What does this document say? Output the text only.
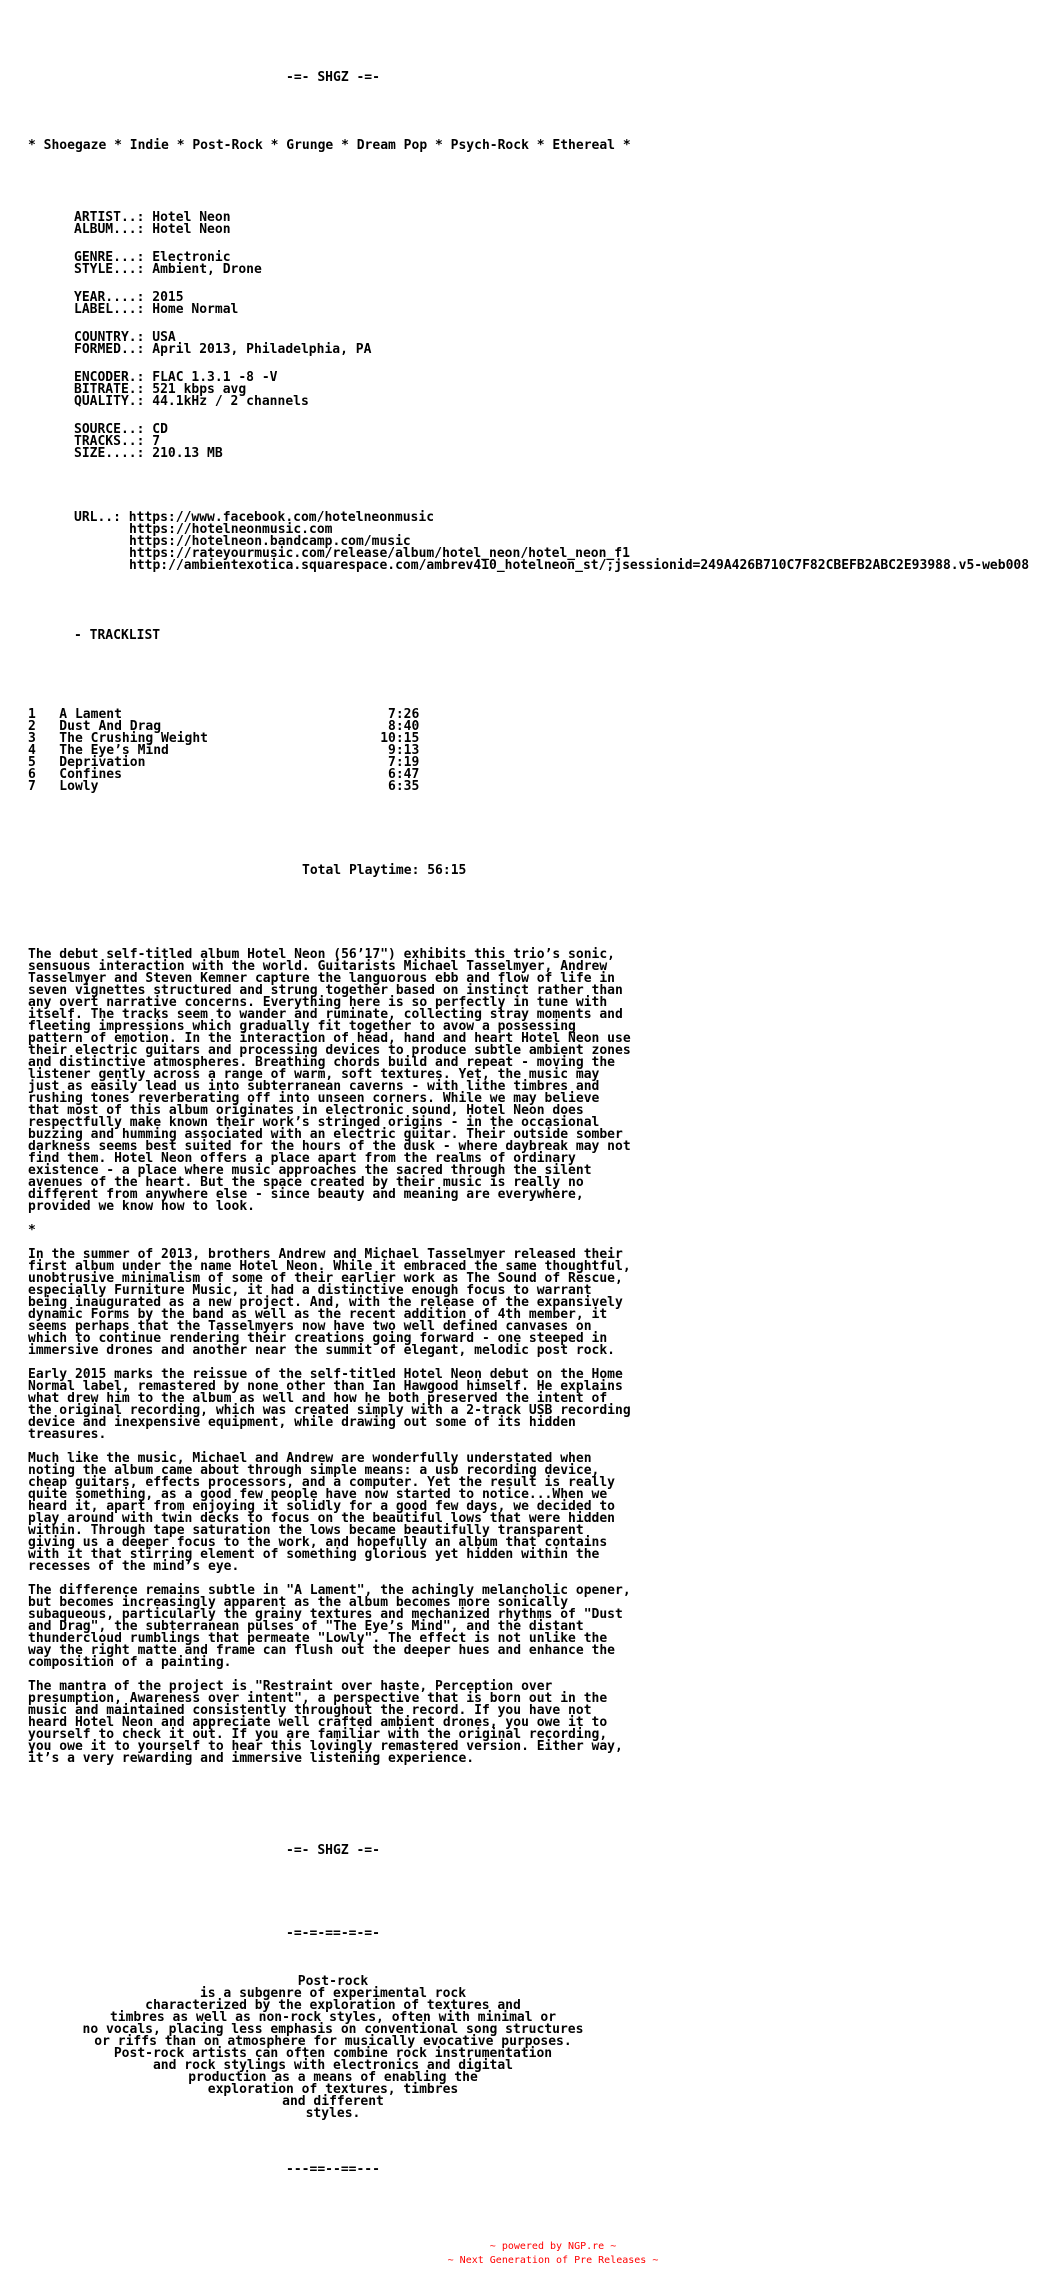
-=- SHGZ -=-

* Shoegaze * Indie * Post-Rock * Grunge * Dream Pop * Psych-Rock * Ethereal *

ARTIST..: Hotel Neon
ALBUM...: Hotel Neon
GENRE...: Electronic
STYLE...: Ambient, Drone
YEAR....: 2015
LABEL...: Home Normal
COUNTRY.: USA
FORMED..: April 2013, Philadelphia, PA
ENCODER.: FLAC 1.3.1 -8 -V
BITRATE.: 521 kbps avg
QUALITY.: 44.1kHz / 2 channels
SOURCE..: CD
TRACKS..: 7
SIZE....: 210.13 MB

URL..: https://www.facebook.com/hotelneonmusic
https://hotelneonmusic.com
https://hotelneon.bandcamp.com/music
https://rateyourmusic.com/release/album/hotel_neon/hotel_neon_f1
http://ambientexotica.squarespace.com/ambrev410_hotelneon_st/;jsessionid=249A426B710C7F82CBEFB2ABC2E93988.v5-web008

- TRACKLIST

1   A Lament                                  7:26
2   Dust And Drag                             8:40
3   The Crushing Weight                      10:15
4   The Eye’s Mind                            9:13
5   Deprivation                               7:19
6   Confines                                  6:47
7   Lowly                                     6:35

Total Playtime: 56:15

The debut self-titled album Hotel Neon (56’17") exhibits this trio’s sonic,
sensuous interaction with the world. Guitarists Michael Tasselmyer, Andrew
Tasselmyer and Steven Kemner capture the languorous ebb and flow of life in
seven vignettes structured and strung together based on instinct rather than
any overt narrative concerns. Everything here is so perfectly in tune with
itself. The tracks seem to wander and ruminate, collecting stray moments and
fleeting impressions which gradually fit together to avow a possessing
pattern of emotion. In the interaction of head, hand and heart Hotel Neon use
their electric guitars and processing devices to produce subtle ambient zones
and distinctive atmospheres. Breathing chords build and repeat - moving the
listener gently across a range of warm, soft textures. Yet, the music may
just as easily lead us into subterranean caverns - with lithe timbres and
rushing tones reverberating off into unseen corners. While we may believe
that most of this album originates in electronic sound, Hotel Neon does
respectfully make known their work’s stringed origins - in the occasional
buzzing and humming associated with an electric guitar. Their outside somber
darkness seems best suited for the hours of the dusk - where daybreak may not
find them. Hotel Neon offers a place apart from the realms of ordinary
existence - a place where music approaches the sacred through the silent
avenues of the heart. But the space created by their music is really no
different from anywhere else - since beauty and meaning are everywhere,
provided we know how to look.
*
In the summer of 2013, brothers Andrew and Michael Tasselmyer released their
first album under the name Hotel Neon. While it embraced the same thoughtful,
unobtrusive minimalism of some of their earlier work as The Sound of Rescue,
especially Furniture Music, it had a distinctive enough focus to warrant
being inaugurated as a new project. And, with the release of the expansively
dynamic Forms by the band as well as the recent addition of 4th member, it
seems perhaps that the Tasselmyers now have two well defined canvases on
which to continue rendering their creations going forward - one steeped in
immersive drones and another near the summit of elegant, melodic post rock.
Early 2015 marks the reissue of the self-titled Hotel Neon debut on the Home
Normal label, remastered by none other than Ian Hawgood himself. He explains
what drew him to the album as well and how he both preserved the intent of
the original recording, which was created simply with a 2-track USB recording
device and inexpensive equipment, while drawing out some of its hidden
treasures.
Much like the music, Michael and Andrew are wonderfully understated when
noting the album came about through simple means: a usb recording device,
cheap guitars, effects processors, and a computer. Yet the result is really
quite something, as a good few people have now started to notice...When we
heard it, apart from enjoying it solidly for a good few days, we decided to
play around with twin decks to focus on the beautiful lows that were hidden
within. Through tape saturation the lows became beautifully transparent
giving us a deeper focus to the work, and hopefully an album that contains
with it that stirring element of something glorious yet hidden within the
recesses of the mind’s eye.
The difference remains subtle in "A Lament", the achingly melancholic opener,
but becomes increasingly apparent as the album becomes more sonically
subaqueous, particularly the grainy textures and mechanized rhythms of "Dust
and Drag", the subterranean pulses of "The Eye’s Mind", and the distant
thundercloud rumblings that permeate "Lowly". The effect is not unlike the
way the right matte and frame can flush out the deeper hues and enhance the
composition of a painting.
The mantra of the project is "Restraint over haste, Perception over
presumption, Awareness over intent", a perspective that is born out in the
music and maintained consistently throughout the record. If you have not
heard Hotel Neon and appreciate well crafted ambient drones, you owe it to
yourself to check it out. If you are familiar with the original recording,
you owe it to yourself to hear this lovingly remastered version. Either way,
it’s a very rewarding and immersive listening experience.

-=- SHGZ -=-

-=-=-==-=-=-

Post-rock
is a subgenre of experimental rock
characterized by the exploration of textures and
timbres as well as non-rock styles, often with minimal or
no vocals, placing less emphasis on conventional song structures
or riffs than on atmosphere for musically evocative purposes.
Post-rock artists can often combine rock instrumentation
and rock stylings with electronics and digital
production as a means of enabling the
exploration of textures, timbres
and different
styles.

---==--==---

~ powered by NGP.re ~
~ Next Generation of Pre Releases ~
